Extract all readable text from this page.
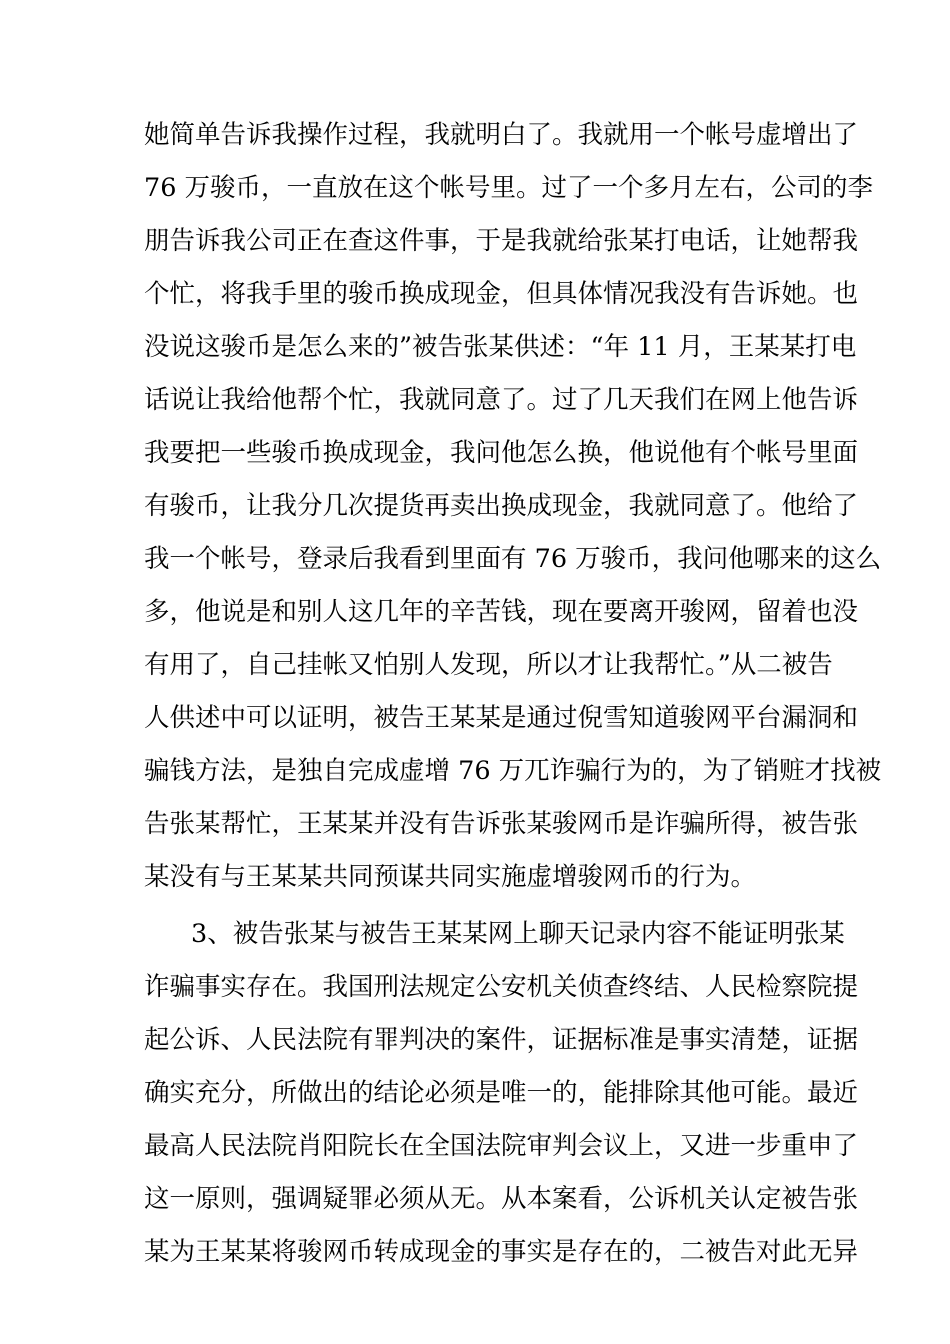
她简单告诉我操作过程，我就明白了。我就用一个帐号虚增出了
76 万骏币，一直放在这个帐号里。过了一个多月左右，公司的李
朋告诉我公司正在查这件事，于是我就给张某打电话，让她帮我
个忙，将我手里的骏币换成现金，但具体情况我没有告诉她。也
没说这骏币是怎么来的”被告张某供述：“年 11 月，王某某打电
话说让我给他帮个忙，我就同意了。过了几天我们在网上他告诉
我要把一些骏币换成现金，我问他怎么换，他说他有个帐号里面
有骏币，让我分几次提货再卖出换成现金，我就同意了。他给了
我一个帐号，登录后我看到里面有 76 万骏币，我问他哪来的这么
多，他说是和别人这几年的辛苦钱，现在要离开骏网，留着也没
有用了，自己挂帐又怕别人发现，所以才让我帮忙。”从二被告
人供述中可以证明，被告王某某是通过倪雪知道骏网平台漏洞和
骗钱方法，是独自完成虚增 76 万兀诈骗行为的，为了销赃才找被
告张某帮忙，王某某并没有告诉张某骏网币是诈骗所得，被告张
某没有与王某某共同预谋共同实施虚增骏网币的行为。
3、被告张某与被告王某某网上聊天记录内容不能证明张某
诈骗事实存在。我国刑法规定公安机关侦查终结、人民检察院提
起公诉、人民法院有罪判决的案件，证据标准是事实清楚，证据
确实充分，所做出的结论必须是唯一的，能排除其他可能。最近
最高人民法院肖阳院长在全国法院审判会议上，又进一步重申了
这一原则，强调疑罪必须从无。从本案看，公诉机关认定被告张
某为王某某将骏网币转成现金的事实是存在的，二被告对此无异
